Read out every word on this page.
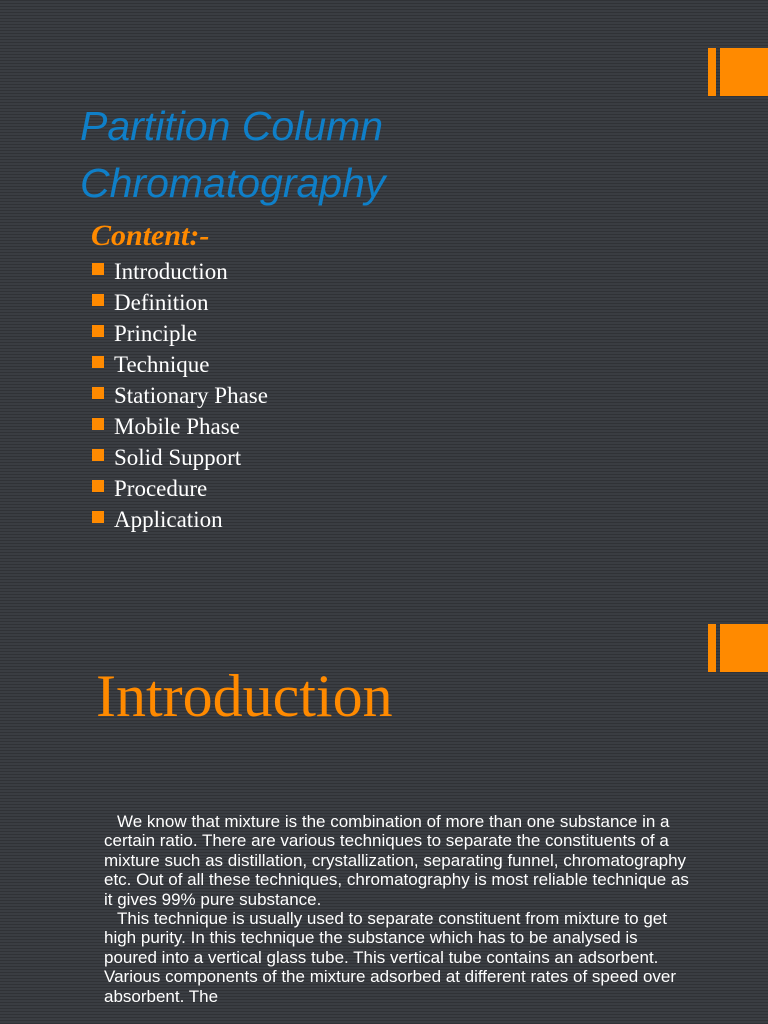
Partition Column
Chromatography
Content:-
Introduction
Definition
Principle
Technique
Stationary Phase
Mobile Phase
Solid Support
Procedure
Application
Introduction

We know that mixture is the combination of more than one substance in a certain ratio. There are various techniques to separate the constituents of a mixture such as distillation, crystallization, separating funnel, chromatography etc. Out of all these techniques, chromatography is most reliable technique as it gives 99% pure substance.

This technique is usually used to separate constituent from mixture to get high purity. In this technique the substance which has to be analysed is poured into a vertical glass tube. This vertical tube contains an adsorbent. Various components of the mixture adsorbed at different rates of speed over absorbent. The
